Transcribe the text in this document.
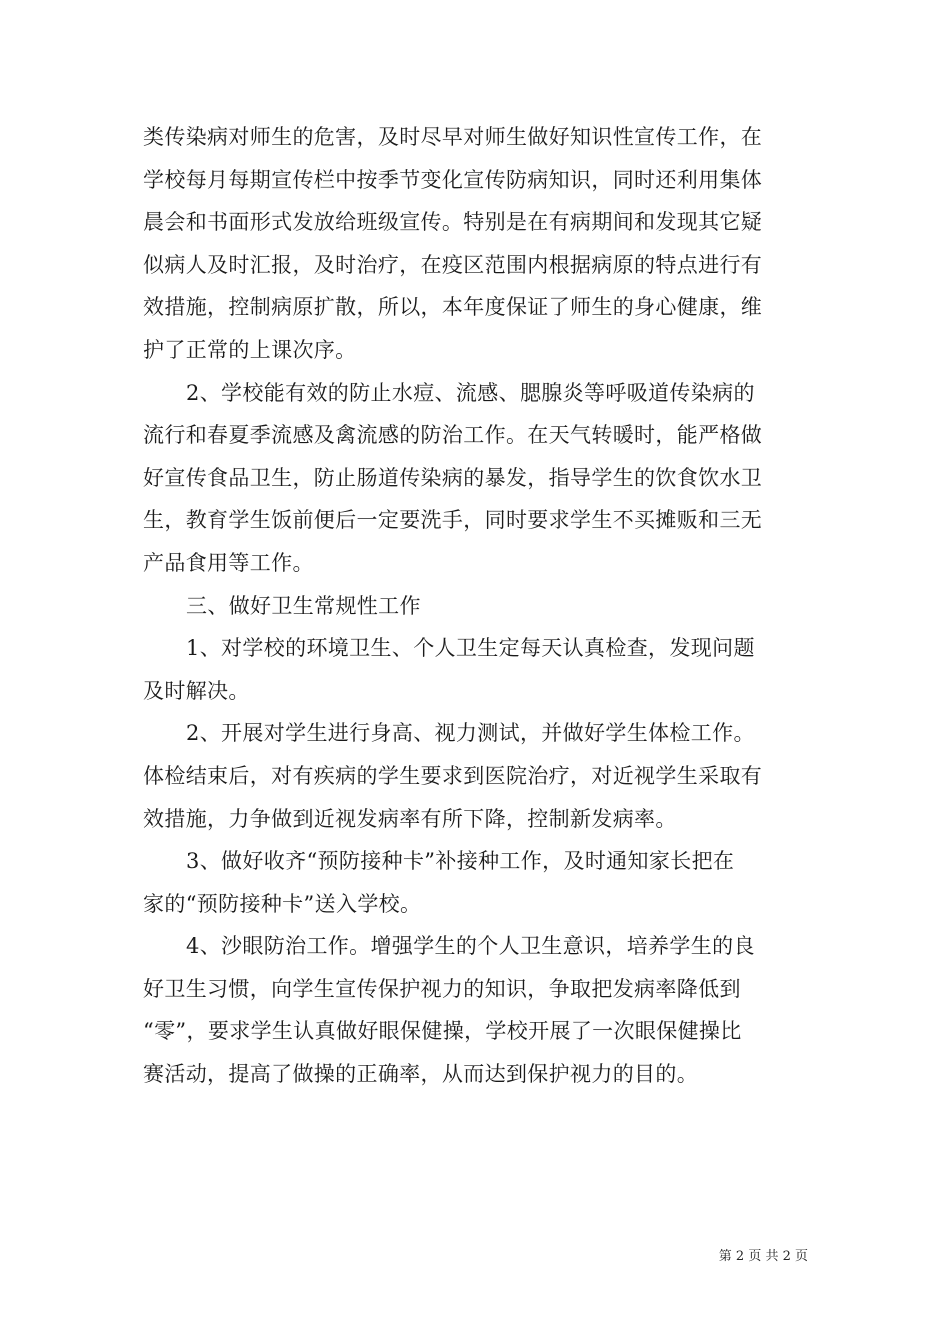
类传染病对师生的危害，及时尽早对师生做好知识性宣传工作，在
学校每月每期宣传栏中按季节变化宣传防病知识，同时还利用集体
晨会和书面形式发放给班级宣传。特别是在有病期间和发现其它疑
似病人及时汇报，及时治疗，在疫区范围内根据病原的特点进行有
效措施，控制病原扩散，所以，本年度保证了师生的身心健康，维
护了正常的上课次序。
2、学校能有效的防止水痘、流感、腮腺炎等呼吸道传染病的
流行和春夏季流感及禽流感的防治工作。在天气转暖时，能严格做
好宣传食品卫生，防止肠道传染病的暴发，指导学生的饮食饮水卫
生，教育学生饭前便后一定要洗手，同时要求学生不买摊贩和三无
产品食用等工作。
三、做好卫生常规性工作
1、对学校的环境卫生、个人卫生定每天认真检查，发现问题
及时解决。
2、开展对学生进行身高、视力测试，并做好学生体检工作。
体检结束后，对有疾病的学生要求到医院治疗，对近视学生采取有
效措施，力争做到近视发病率有所下降，控制新发病率。
3、做好收齐“预防接种卡”补接种工作，及时通知家长把在
家的“预防接种卡”送入学校。
4、沙眼防治工作。增强学生的个人卫生意识，培养学生的良
好卫生习惯，向学生宣传保护视力的知识，争取把发病率降低到
“零”，要求学生认真做好眼保健操，学校开展了一次眼保健操比
赛活动，提高了做操的正确率，从而达到保护视力的目的。
第 2 页 共 2 页
